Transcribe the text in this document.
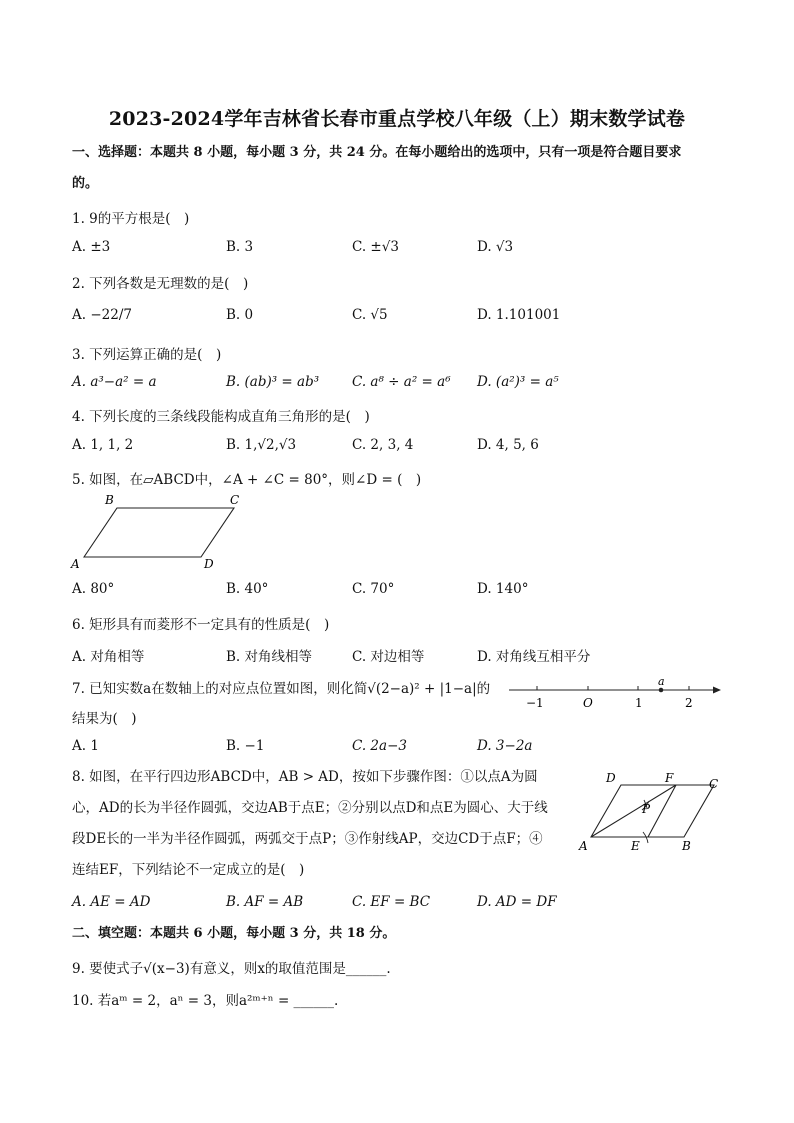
2023-2024学年吉林省长春市重点学校八年级（上）期末数学试卷
一、选择题：本题共 8 小题，每小题 3 分，共 24 分。在每小题给出的选项中，只有一项是符合题目要求
的。
1. 9的平方根是(　)
A. ±3	B. 3	C. ±√3	D. √3
2. 下列各数是无理数的是(　)
A. −22/7	B. 0	C. √5	D. 1.101001
3. 下列运算正确的是(　)
A. a³−a² = a	B. (ab)³ = ab³ C. a⁸ ÷ a² = a⁶ D. (a²)³ = a⁵
4. 下列长度的三条线段能构成直角三角形的是(　)
A. 1, 1, 2	B. 1,√2,√3	C. 2, 3, 4	D. 4, 5, 6
5. 如图，在▱ABCD中，∠A + ∠C = 80°，则∠D = (　)
B	C
A	D
A. 80°	B. 40°	C. 70°	D. 140°
6. 矩形具有而菱形不一定具有的性质是(　)
A. 对角相等	B. 对角线相等	C. 对边相等	D. 对角线互相平分
7. 已知实数a在数轴上的对应点位置如图，则化简√(2−a)² + |1−a|的
结果为(　)
a
−1	O	1	2
A. 1	B. −1	C. 2a−3	D. 3−2a
8. 如图，在平行四边形ABCD中，AB > AD，按如下步骤作图：①以点A为圆
心，AD的长为半径作圆弧，交边AB于点E；②分别以点D和点E为圆心、大于线
段DE长的一半为半径作圆弧，两弧交于点P；③作射线AP，交边CD于点F；④
连结EF，下列结论不一定成立的是(　)
D	F	C
P
A	E	B
A. AE = AD	B. AF = AB	C. EF = BC	D. AD = DF
二、填空题：本题共 6 小题，每小题 3 分，共 18 分。
9. 要使式子√(x−3)有意义，则x的取值范围是______.
10. 若aᵐ = 2，aⁿ = 3，则a²ᵐ⁺ⁿ = ______.
